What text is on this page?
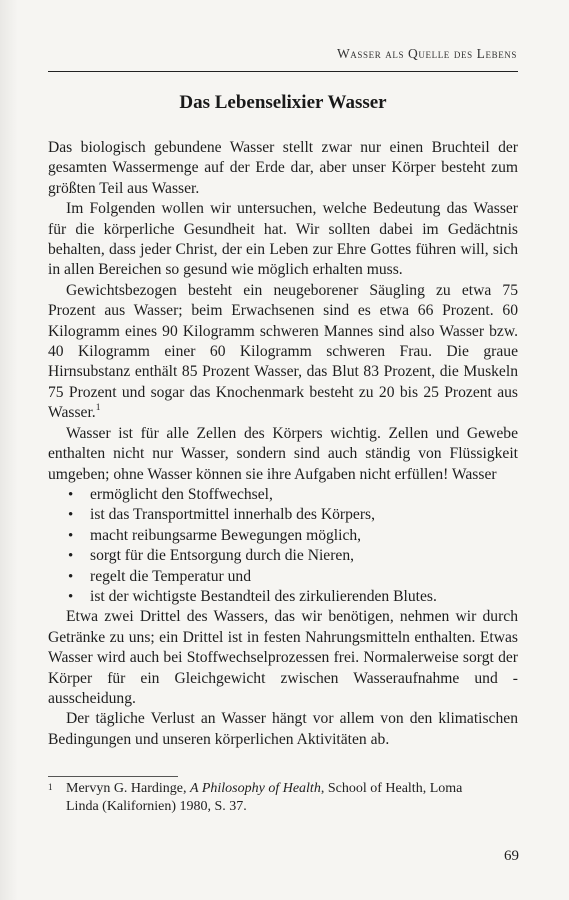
Wasser als Quelle des Lebens
Das Lebenselixier Wasser

Das biologisch gebundene Wasser stellt zwar nur einen Bruchteil der gesamten Wassermenge auf der Erde dar, aber unser Körper besteht zum größten Teil aus Wasser.

Im Folgenden wollen wir untersuchen, welche Bedeutung das Wasser für die körperliche Gesundheit hat. Wir sollten dabei im Gedächtnis behalten, dass jeder Christ, der ein Leben zur Ehre Gottes führen will, sich in allen Bereichen so gesund wie möglich erhalten muss.

Gewichtsbezogen besteht ein neugeborener Säugling zu etwa 75 Prozent aus Wasser; beim Erwachsenen sind es etwa 66 Prozent. 60 Kilogramm eines 90 Kilogramm schweren Mannes sind also Wasser bzw. 40 Kilogramm einer 60 Kilogramm schweren Frau. Die graue Hirnsubstanz enthält 85 Prozent Wasser, das Blut 83 Prozent, die Muskeln 75 Prozent und sogar das Knochenmark besteht zu 20 bis 25 Prozent aus Wasser.$^1$

Wasser ist für alle Zellen des Körpers wichtig. Zellen und Gewebe enthalten nicht nur Wasser, sondern sind auch ständig von Flüssigkeit umgeben; ohne Wasser können sie ihre Aufgaben nicht erfüllen! Wasser

• ermöglicht den Stoffwechsel,
• ist das Transportmittel innerhalb des Körpers,
• macht reibungsarme Bewegungen möglich,
• sorgt für die Entsorgung durch die Nieren,
• regelt die Temperatur und
• ist der wichtigste Bestandteil des zirkulierenden Blutes.

Etwa zwei Drittel des Wassers, das wir benötigen, nehmen wir durch Getränke zu uns; ein Drittel ist in festen Nahrungsmitteln enthalten. Etwas Wasser wird auch bei Stoffwechselprozessen frei. Normalerweise sorgt der Körper für ein Gleichgewicht zwischen Wasseraufnahme und -ausscheidung.

Der tägliche Verlust an Wasser hängt vor allem von den klimatischen Bedingungen und unseren körperlichen Aktivitäten ab.

1 Mervyn G. Hardinge, A Philosophy of Health, School of Health, Loma
Linda (Kalifornien) 1980, S. 37.
69
